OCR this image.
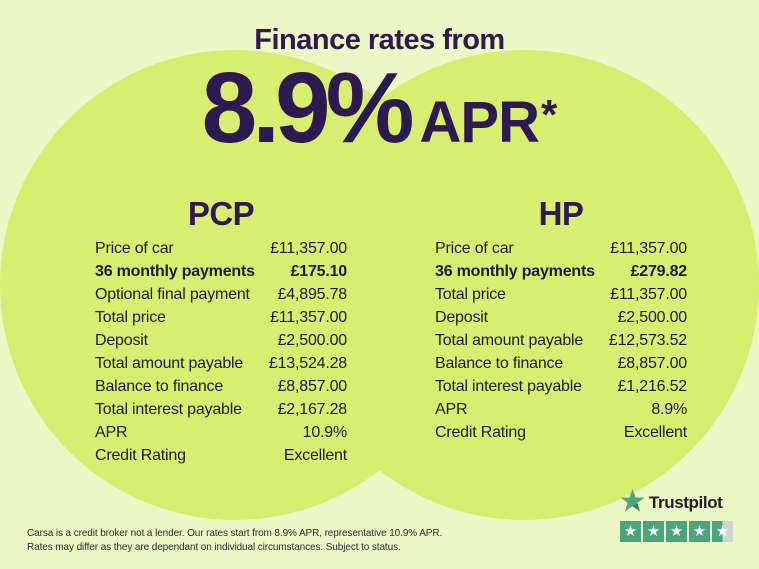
Finance rates from
8.9% APR *
PCP
Price of car	£11,357.00
36 monthly payments £175.10
Optional final payment £4,895.78
Total price	£11,357.00
Deposit	£2,500.00
Total amount payable £13,524.28
Balance to finance	£8,857.00
Total interest payable £2,167.28
APR	10.9%
Credit Rating	Excellent
HP
Price of car	£11,357.00
36 monthly payments £279.82
Total price	£11,357.00
Deposit	£2,500.00
Total amount payable £12,573.52
Balance to finance	£8,857.00
Total interest payable £1,216.52
APR	8.9%
Credit Rating	Excellent
Carsa is a credit broker not a lender. Our rates start from 8.9% APR, representative 10.9% APR.
Rates may differ as they are dependant on individual circumstances. Subject to status.
Trustpilot
★ ★ ★ ★ ★
